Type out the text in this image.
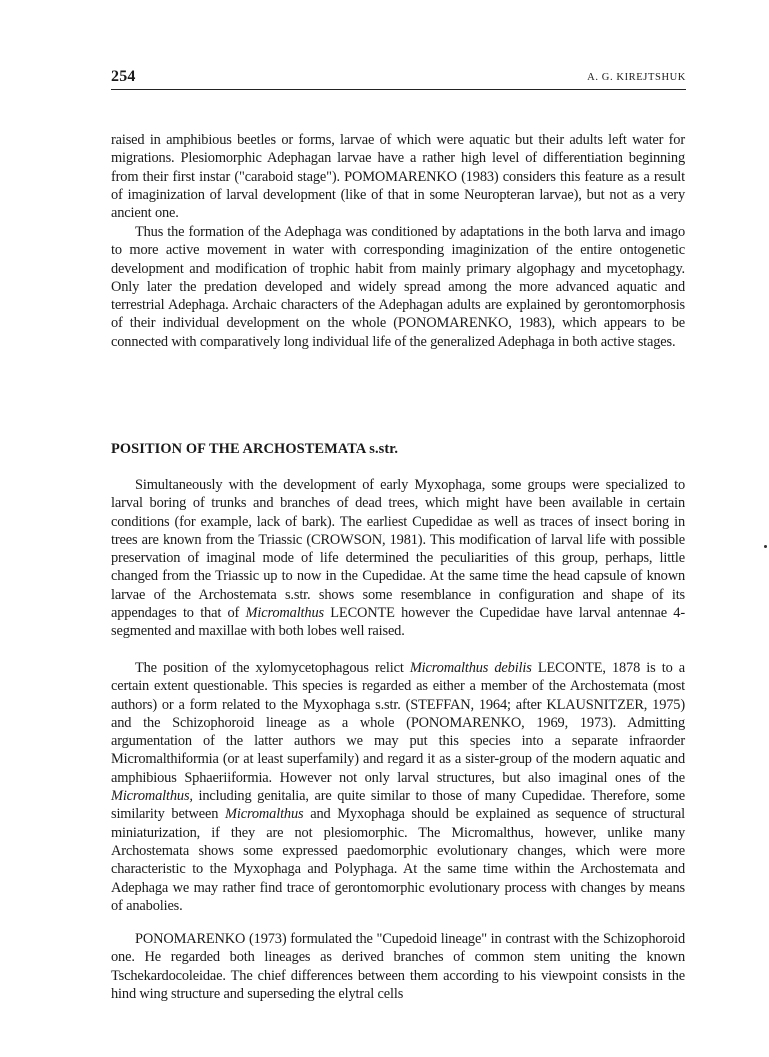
254	A. G. KIREJTSHUK

raised in amphibious beetles or forms, larvae of which were aquatic but their adults left water for migrations. Plesiomorphic Adephagan larvae have a rather high level of differentiation beginning from their first instar ("caraboid stage"). POMOMARENKO (1983) considers this feature as a result of imaginization of larval development (like of that in some Neuropteran larvae), but not as a very ancient one.

Thus the formation of the Adephaga was conditioned by adaptations in the both larva and imago to more active movement in water with corresponding imaginization of the entire ontogenetic development and modification of trophic habit from mainly primary algophagy and mycetophagy. Only later the predation developed and widely spread among the more advanced aquatic and terrestrial Adephaga. Archaic characters of the Adephagan adults are explained by gerontomorphosis of their individual development on the whole (PONOMARENKO, 1983), which appears to be connected with comparatively long individual life of the generalized Adephaga in both active stages.

POSITION OF THE ARCHOSTEMATA s.str.

Simultaneously with the development of early Myxophaga, some groups were specialized to larval boring of trunks and branches of dead trees, which might have been available in certain conditions (for example, lack of bark). The earliest Cupedidae as well as traces of insect boring in trees are known from the Triassic (CROWSON, 1981). This modification of larval life with possible preservation of imaginal mode of life determined the peculiarities of this group, perhaps, little changed from the Triassic up to now in the Cupedidae. At the same time the head capsule of known larvae of the Archostemata s.str. shows some resemblance in configuration and shape of its appendages to that of Micromalthus LECONTE however the Cupedidae have larval antennae 4-segmented and maxillae with both lobes well raised.

The position of the xylomycetophagous relict Micromalthus debilis LECONTE, 1878 is to a certain extent questionable. This species is regarded as either a member of the Archostemata (most authors) or a form related to the Myxophaga s.str. (STEFFAN, 1964; after KLAUSNITZER, 1975) and the Schizophoroid lineage as a whole (PONOMARENKO, 1969, 1973). Admitting argumentation of the latter authors we may put this species into a separate infraorder Micromalthiformia (or at least superfamily) and regard it as a sister-group of the modern aquatic and amphibious Sphaeriiformia. However not only larval structures, but also imaginal ones of the Micromalthus, including genitalia, are quite similar to those of many Cupedidae. Therefore, some similarity between Micromalthus and Myxophaga should be explained as sequence of structural miniaturization, if they are not plesiomorphic. The Micromalthus, however, unlike many Archostemata shows some expressed paedomorphic evolutionary changes, which were more characteristic to the Myxophaga and Polyphaga. At the same time within the Archostemata and Adephaga we may rather find trace of gerontomorphic evolutionary process with changes by means of anabolies.

PONOMARENKO (1973) formulated the "Cupedoid lineage" in contrast with the Schizophoroid one. He regarded both lineages as derived branches of common stem uniting the known Tschekardocoleidae. The chief differences between them according to his viewpoint consists in the hind wing structure and superseding the elytral cells
